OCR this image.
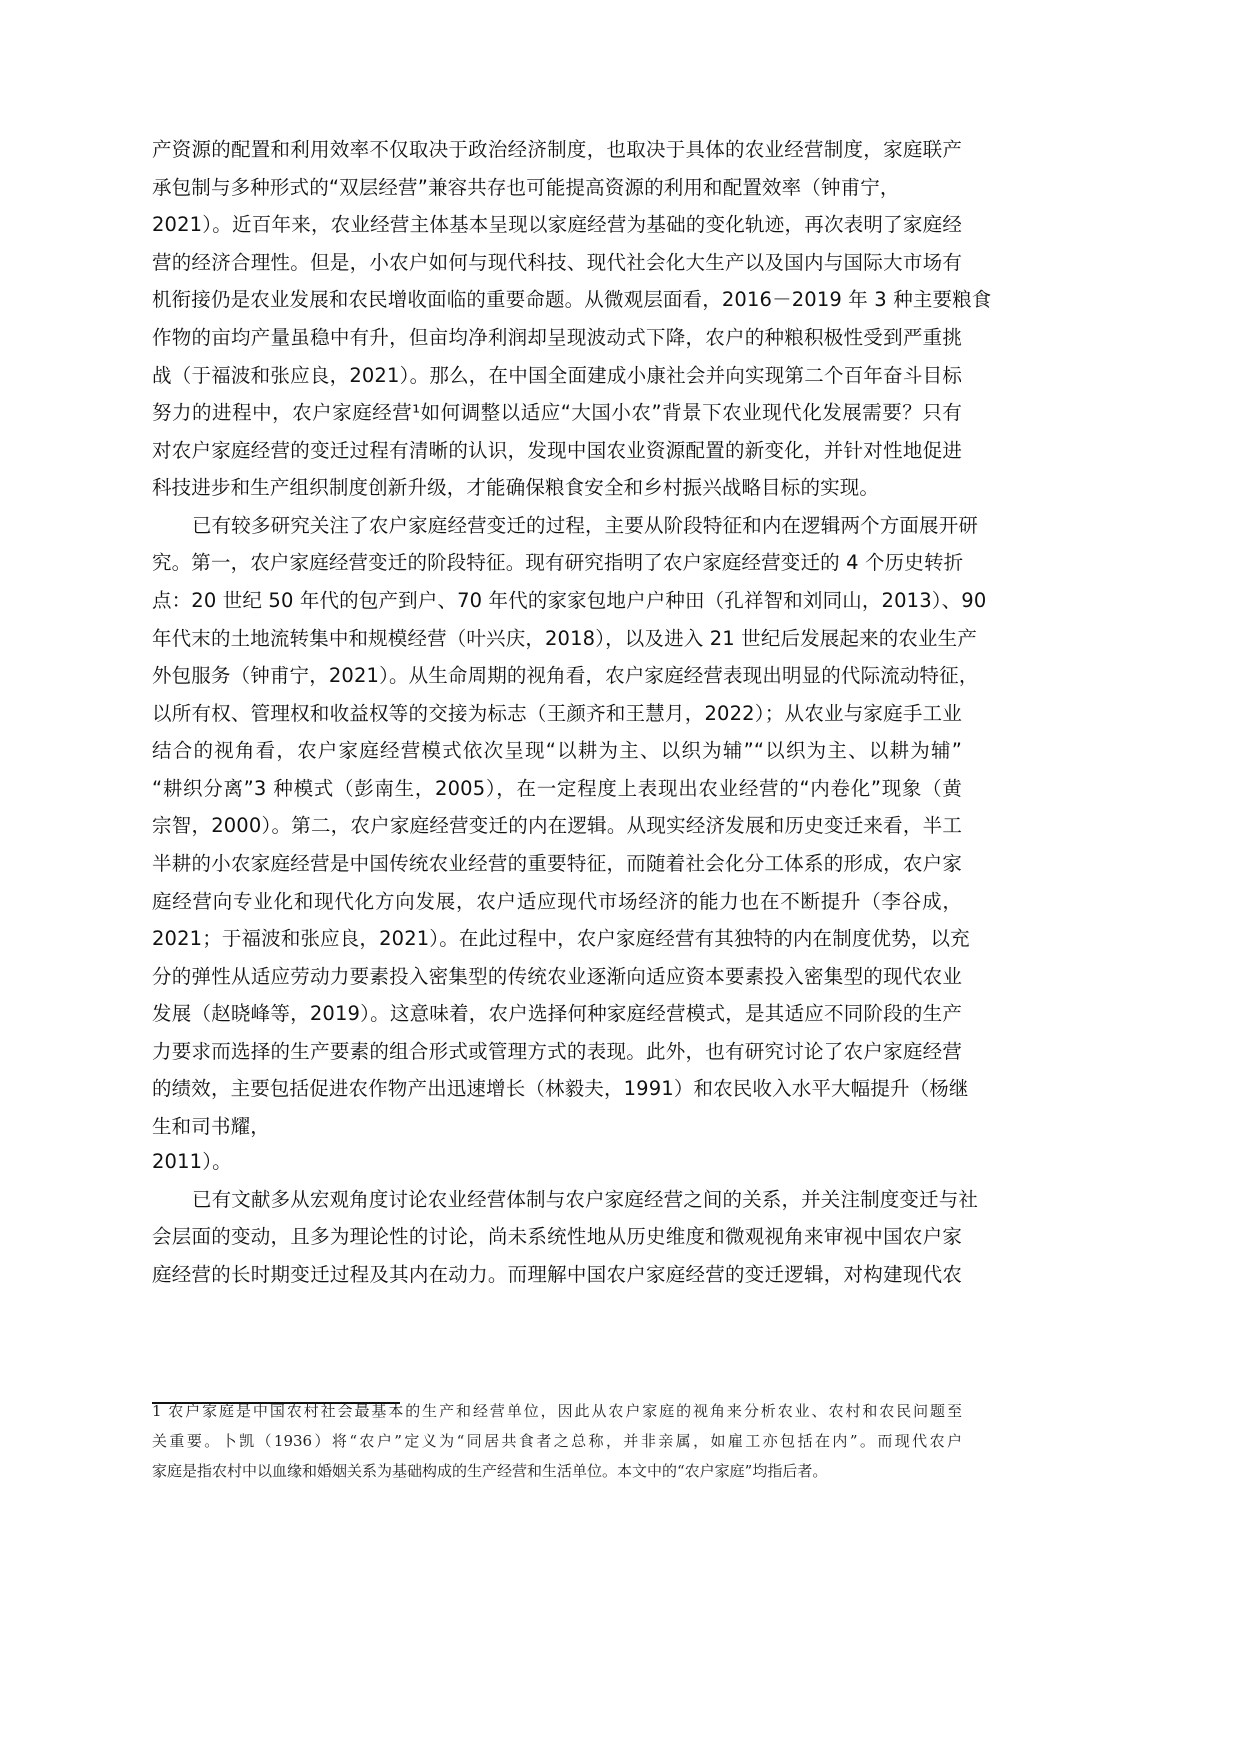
产资源的配置和利用效率不仅取决于政治经济制度，也取决于具体的农业经营制度，家庭联产
承包制与多种形式的“双层经营”兼容共存也可能提高资源的利用和配置效率（钟甫宁，
2021）。近百年来，农业经营主体基本呈现以家庭经营为基础的变化轨迹，再次表明了家庭经
营的经济合理性。但是，小农户如何与现代科技、现代社会化大生产以及国内与国际大市场有
机衔接仍是农业发展和农民增收面临的重要命题。从微观层面看，2016－2019 年 3 种主要粮食
作物的亩均产量虽稳中有升，但亩均净利润却呈现波动式下降，农户的种粮积极性受到严重挑
战（于福波和张应良，2021）。那么，在中国全面建成小康社会并向实现第二个百年奋斗目标
努力的进程中，农户家庭经营¹如何调整以适应“大国小农”背景下农业现代化发展需要？只有
对农户家庭经营的变迁过程有清晰的认识，发现中国农业资源配置的新变化，并针对性地促进
科技进步和生产组织制度创新升级，才能确保粮食安全和乡村振兴战略目标的实现。
已有较多研究关注了农户家庭经营变迁的过程，主要从阶段特征和内在逻辑两个方面展开研
究。第一，农户家庭经营变迁的阶段特征。现有研究指明了农户家庭经营变迁的 4 个历史转折
点：20 世纪 50 年代的包产到户、70 年代的家家包地户户种田（孔祥智和刘同山，2013）、90
年代末的土地流转集中和规模经营（叶兴庆，2018），以及进入 21 世纪后发展起来的农业生产
外包服务（钟甫宁，2021）。从生命周期的视角看，农户家庭经营表现出明显的代际流动特征，
以所有权、管理权和收益权等的交接为标志（王颜齐和王慧月，2022）；从农业与家庭手工业
结合的视角看，农户家庭经营模式依次呈现“以耕为主、以织为辅”“以织为主、以耕为辅”
“耕织分离”3 种模式（彭南生，2005），在一定程度上表现出农业经营的“内卷化”现象（黄
宗智，2000）。第二，农户家庭经营变迁的内在逻辑。从现实经济发展和历史变迁来看，半工
半耕的小农家庭经营是中国传统农业经营的重要特征，而随着社会化分工体系的形成，农户家
庭经营向专业化和现代化方向发展，农户适应现代市场经济的能力也在不断提升（李谷成，
2021；于福波和张应良，2021）。在此过程中，农户家庭经营有其独特的内在制度优势，以充
分的弹性从适应劳动力要素投入密集型的传统农业逐渐向适应资本要素投入密集型的现代农业
发展（赵晓峰等，2019）。这意味着，农户选择何种家庭经营模式，是其适应不同阶段的生产
力要求而选择的生产要素的组合形式或管理方式的表现。此外，也有研究讨论了农户家庭经营
的绩效，主要包括促进农作物产出迅速增长（林毅夫，1991）和农民收入水平大幅提升（杨继
生和司书耀，
2011）。
已有文献多从宏观角度讨论农业经营体制与农户家庭经营之间的关系，并关注制度变迁与社
会层面的变动，且多为理论性的讨论，尚未系统性地从历史维度和微观视角来审视中国农户家
庭经营的长时期变迁过程及其内在动力。而理解中国农户家庭经营的变迁逻辑，对构建现代农
1 农户家庭是中国农村社会最基本的生产和经营单位，因此从农户家庭的视角来分析农业、农村和农民问题至
关重要。卜凯（1936）将“农户”定义为“同居共食者之总称，并非亲属，如雇工亦包括在内”。而现代农户
家庭是指农村中以血缘和婚姻关系为基础构成的生产经营和生活单位。本文中的“农户家庭”均指后者。
